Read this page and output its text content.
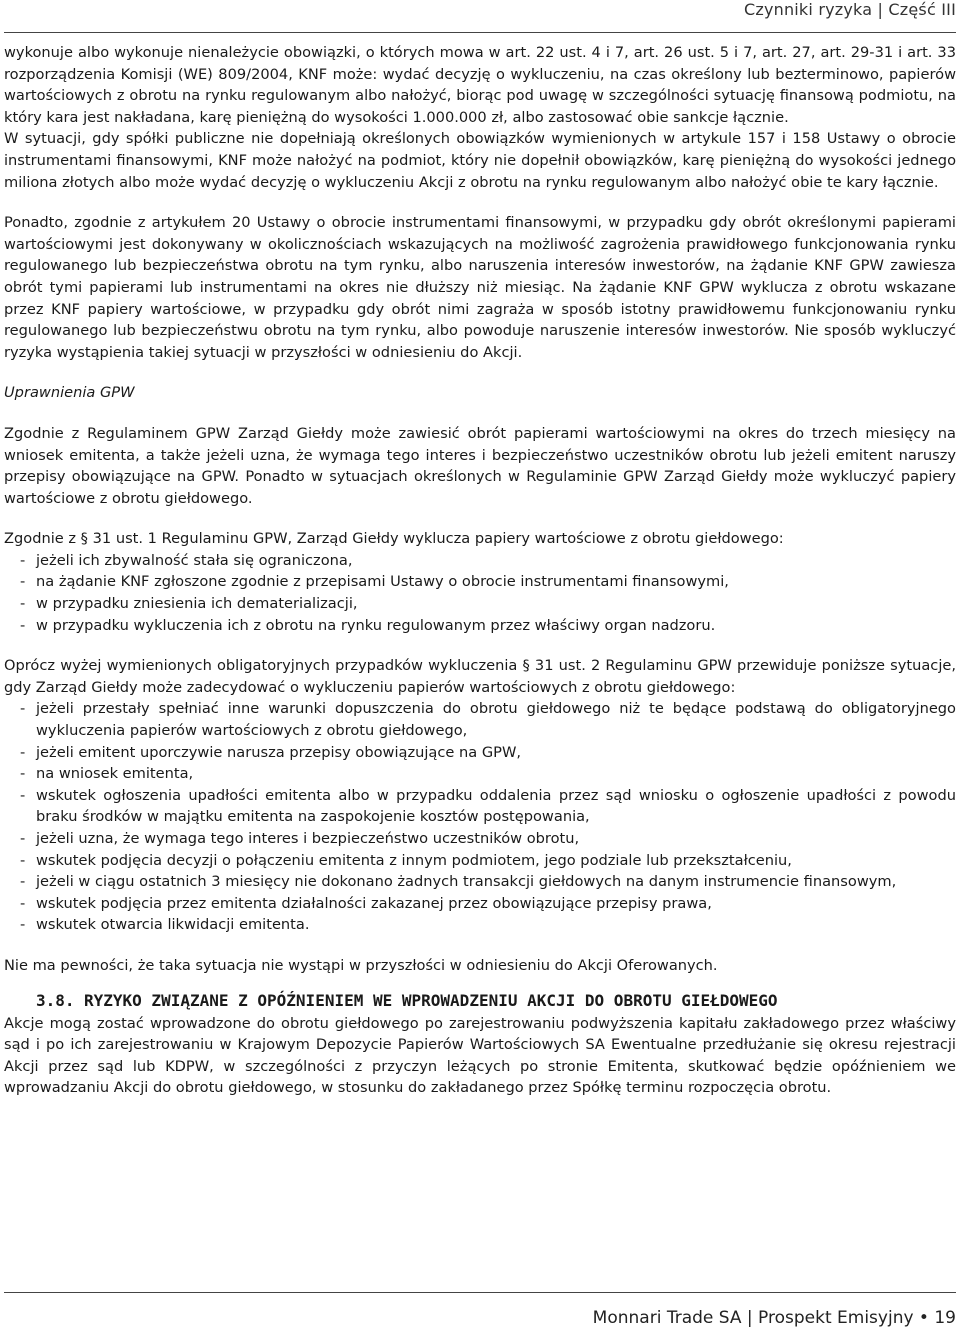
Czynniki ryzyka | Część III

wykonuje albo wykonuje nienależycie obowiązki, o których mowa w art. 22 ust. 4 i 7, art. 26 ust. 5 i 7, art. 27, art. 29-31 i art. 33 rozporządzenia Komisji (WE) 809/2004, KNF może: wydać decyzję o wykluczeniu, na czas określony lub bezterminowo, papierów wartościowych z obrotu na rynku regulowanym albo nałożyć, biorąc pod uwagę w szczególności sytuację finansową podmiotu, na który kara jest nakładana, karę pieniężną do wysokości 1.000.000 zł, albo zastosować obie sankcje łącznie.

W sytuacji, gdy spółki publiczne nie dopełniają określonych obowiązków wymienionych w artykule 157 i 158 Ustawy o obrocie instrumentami finansowymi, KNF może nałożyć na podmiot, który nie dopełnił obowiązków, karę pieniężną do wysokości jednego miliona złotych albo może wydać decyzję o wykluczeniu Akcji z obrotu na rynku regulowanym albo nałożyć obie te kary łącznie.

Ponadto, zgodnie z artykułem 20 Ustawy o obrocie instrumentami finansowymi, w przypadku gdy obrót określonymi papierami wartościowymi jest dokonywany w okolicznościach wskazujących na możliwość zagrożenia prawidłowego funkcjonowania rynku regulowanego lub bezpieczeństwa obrotu na tym rynku, albo naruszenia interesów inwestorów, na żądanie KNF GPW zawiesza obrót tymi papierami lub instrumentami na okres nie dłuższy niż miesiąc. Na żądanie KNF GPW wyklucza z obrotu wskazane przez KNF papiery wartościowe, w przypadku gdy obrót nimi zagraża w sposób istotny prawidłowemu funkcjonowaniu rynku regulowanego lub bezpieczeństwu obrotu na tym rynku, albo powoduje naruszenie interesów inwestorów. Nie sposób wykluczyć ryzyka wystąpienia takiej sytuacji w przyszłości w odniesieniu do Akcji.

Uprawnienia GPW

Zgodnie z Regulaminem GPW Zarząd Giełdy może zawiesić obrót papierami wartościowymi na okres do trzech miesięcy na wniosek emitenta, a także jeżeli uznа, że wymaga tego interes i bezpieczeństwo uczestników obrotu lub jeżeli emitent naruszy przepisy obowiązujące na GPW. Ponadto w sytuacjach określonych w Regulaminie GPW Zarząd Giełdy może wykluczyć papiery wartościowe z obrotu giełdowego.

Zgodnie z § 31 ust. 1 Regulaminu GPW, Zarząd Giełdy wyklucza papiery wartościowe z obrotu giełdowego:

- jeżeli ich zbywalność stała się ograniczona,
- na żądanie KNF zgłoszone zgodnie z przepisami Ustawy o obrocie instrumentami finansowymi,
- w przypadku zniesienia ich dematerializacji,
- w przypadku wykluczenia ich z obrotu na rynku regulowanym przez właściwy organ nadzoru.

Oprócz wyżej wymienionych obligatoryjnych przypadków wykluczenia § 31 ust. 2 Regulaminu GPW przewiduje poniższe sytuacje, gdy Zarząd Giełdy może zadecydować o wykluczeniu papierów wartościowych z obrotu giełdowego:

- jeżeli przestały spełniać inne warunki dopuszczenia do obrotu giełdowego niż te będące podstawą do obligatoryjnego wykluczenia papierów wartościowych z obrotu giełdowego,
- jeżeli emitent uporczywie narusza przepisy obowiązujące na GPW,
- na wniosek emitenta,
- wskutek ogłoszenia upadłości emitenta albo w przypadku oddalenia przez sąd wniosku o ogłoszenie upadłości z powodu braku środków w majątku emitenta na zaspokojenie kosztów postępowania,
- jeżeli uzna, że wymaga tego interes i bezpieczeństwo uczestników obrotu,
- wskutek podjęcia decyzji o połączeniu emitenta z innym podmiotem, jego podziale lub przekształceniu,
- jeżeli w ciągu ostatnich 3 miesięcy nie dokonano żadnych transakcji giełdowych na danym instrumencie finansowym,
- wskutek podjęcia przez emitenta działalności zakazanej przez obowiązujące przepisy prawa,
- wskutek otwarcia likwidacji emitenta.

Nie ma pewności, że taka sytuacja nie wystąpi w przyszłości w odniesieniu do Akcji Oferowanych.

3.8. RYZYKO ZWIĄZANE Z OPÓŹNIENIEM WE WPROWADZENIU AKCJI DO OBROTU GIEŁDOWEGO

Akcje mogą zostać wprowadzone do obrotu giełdowego po zarejestrowaniu podwyższenia kapitału zakładowego przez właściwy sąd i po ich zarejestrowaniu w Krajowym Depozycie Papierów Wartościowych SA Ewentualne przedłużanie się okresu rejestracji Akcji przez sąd lub KDPW, w szczególności z przyczyn leżących po stronie Emitenta, skutkować będzie opóźnieniem we wprowadzaniu Akcji do obrotu giełdowego, w stosunku do zakładanego przez Spółkę terminu rozpoczęcia obrotu.

Monnari Trade SA | Prospekt Emisyjny • 19
